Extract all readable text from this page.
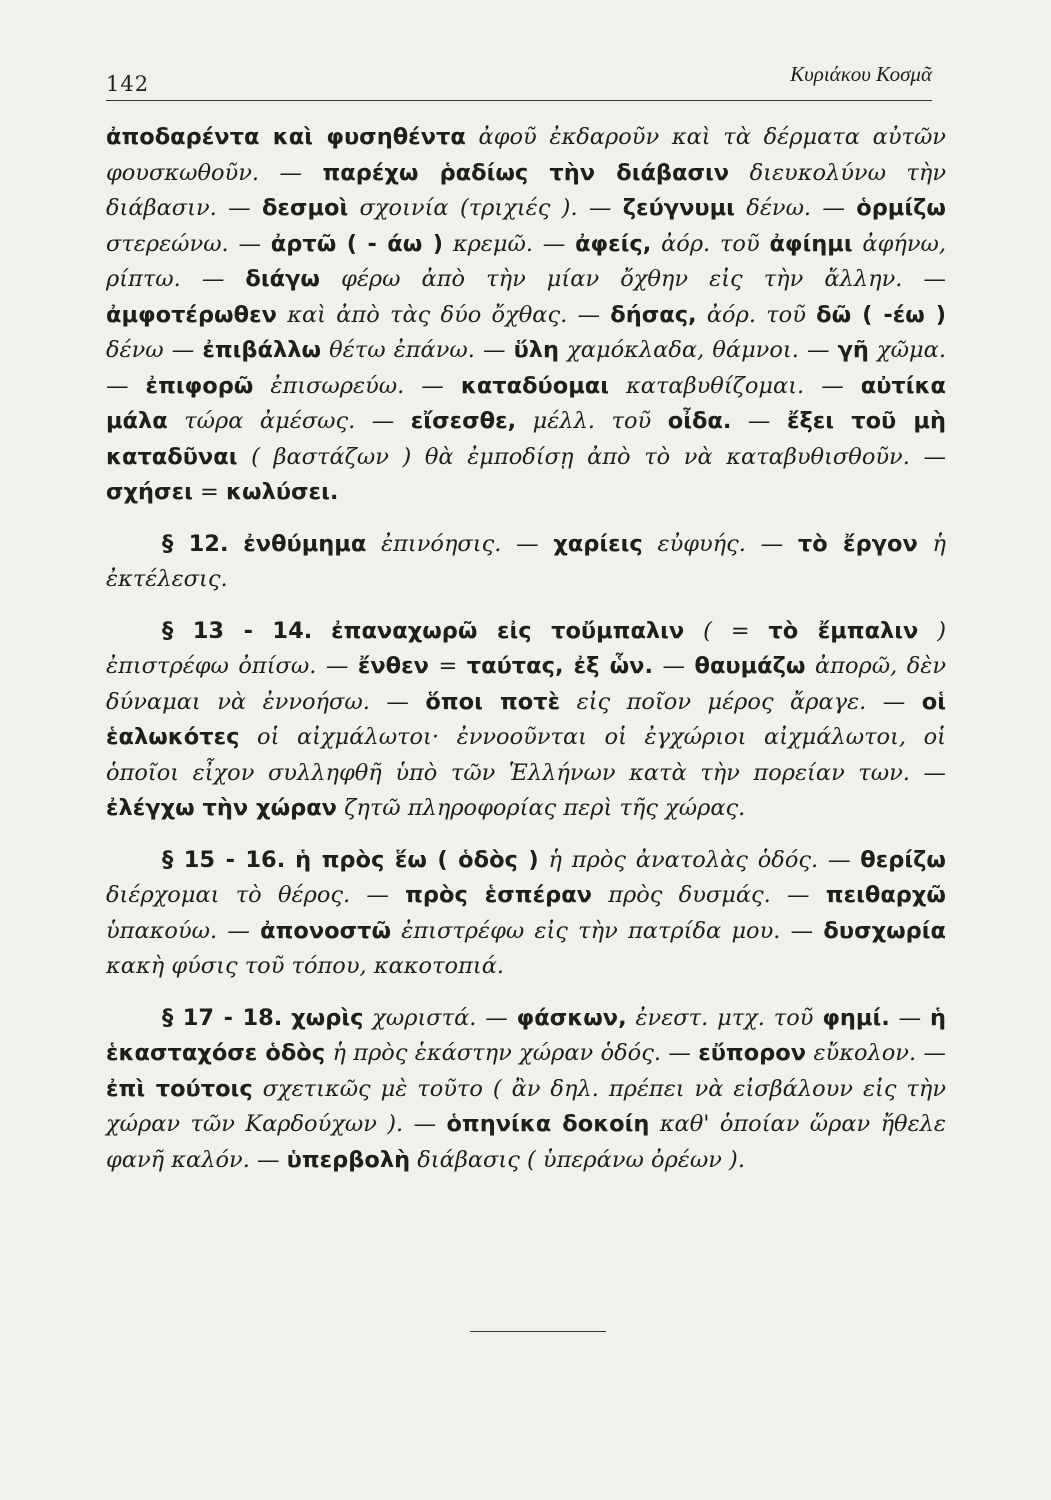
142	Κυριάκου Κοσμᾶ

ἀποδαρέντα καὶ φυσηθέντα ἀφοῦ ἐκδαροῦν καὶ τὰ δέρματα αὐτῶν φουσκωθοῦν. — παρέχω ῥαδίως τὴν διάβασιν διευκολύνω τὴν διάβασιν. — δεσμοὶ σχοινία (τριχιές ). — ζεύγνυμι δένω. — ὁρμίζω στερεώνω. — ἀρτῶ ( - άω ) κρεμῶ. — ἀφείς, ἀόρ. τοῦ ἀφίημι ἀφήνω, ρίπτω. — διάγω φέρω ἀπὸ τὴν μίαν ὄχθην εἰς τὴν ἄλλην. — ἀμφοτέρωθεν καὶ ἀπὸ τὰς δύο ὄχθας. — δήσας, ἀόρ. τοῦ δῶ ( -έω ) δένω — ἐπιβάλλω θέτω ἐπάνω. — ὕλη χαμόκλαδα, θάμνοι. — γῆ χῶμα. — ἐπιφορῶ ἐπισωρεύω. — καταδύομαι καταβυθίζομαι. — αὐτίκα μάλα τώρα ἀμέσως. — εἴσεσθε, μέλλ. τοῦ οἶδα. — ἔξει τοῦ μὴ καταδῦναι ( βαστάζων ) θὰ ἐμποδίσῃ ἀπὸ τὸ νὰ καταβυθισθοῦν. — σχήσει = κωλύσει.

§ 12. ἐνθύμημα ἐπινόησις. — χαρίεις εὐφυής. — τὸ ἔργον ἡ ἐκτέλεσις.

§ 13 - 14. ἐπαναχωρῶ εἰς τοὔμπαλιν ( = τὸ ἔμπαλιν ) ἐπιστρέφω ὀπίσω. — ἔνθεν = ταύτας, ἐξ ὧν. — θαυμάζω ἀπορῶ, δὲν δύναμαι νὰ ἐννοήσω. — ὅποι ποτὲ εἰς ποῖον μέρος ἄραγε. — οἱ ἑαλωκότες οἱ αἰχμάλωτοι· ἐννοοῦνται οἱ ἐγχώριοι αἰχμάλωτοι, οἱ ὁποῖοι εἶχον συλληφθῆ ὑπὸ τῶν Ἑλλήνων κατὰ τὴν πορείαν των. — ἐλέγχω τὴν χώραν ζητῶ πληροφορίας περὶ τῆς χώρας.

§ 15 - 16. ἡ πρὸς ἕω ( ὁδὸς ) ἡ πρὸς ἀνατολὰς ὁδός. — θερίζω διέρχομαι τὸ θέρος. — πρὸς ἑσπέραν πρὸς δυσμάς. — πειθαρχῶ ὑπακούω. — ἀπονοστῶ ἐπιστρέφω εἰς τὴν πατρίδα μου. — δυσχωρία κακὴ φύσις τοῦ τόπου, κακοτοπιά.

§ 17 - 18. χωρὶς χωριστά. — φάσκων, ἐνεστ. μτχ. τοῦ φημί. — ἡ ἑκασταχόσε ὁδὸς ἡ πρὸς ἑκάστην χώραν ὁδός. — εὔπορον εὔκολον. — ἐπὶ τούτοις σχετικῶς μὲ τοῦτο ( ἂν δηλ. πρέπει νὰ εἰσβάλουν εἰς τὴν χώραν τῶν Καρδούχων ). — ὁπηνίκα δοκοίη καθ' ὁποίαν ὥραν ἤθελε φανῆ καλόν. — ὑπερβολὴ διάβασις ( ὑπεράνω ὀρέων ).
